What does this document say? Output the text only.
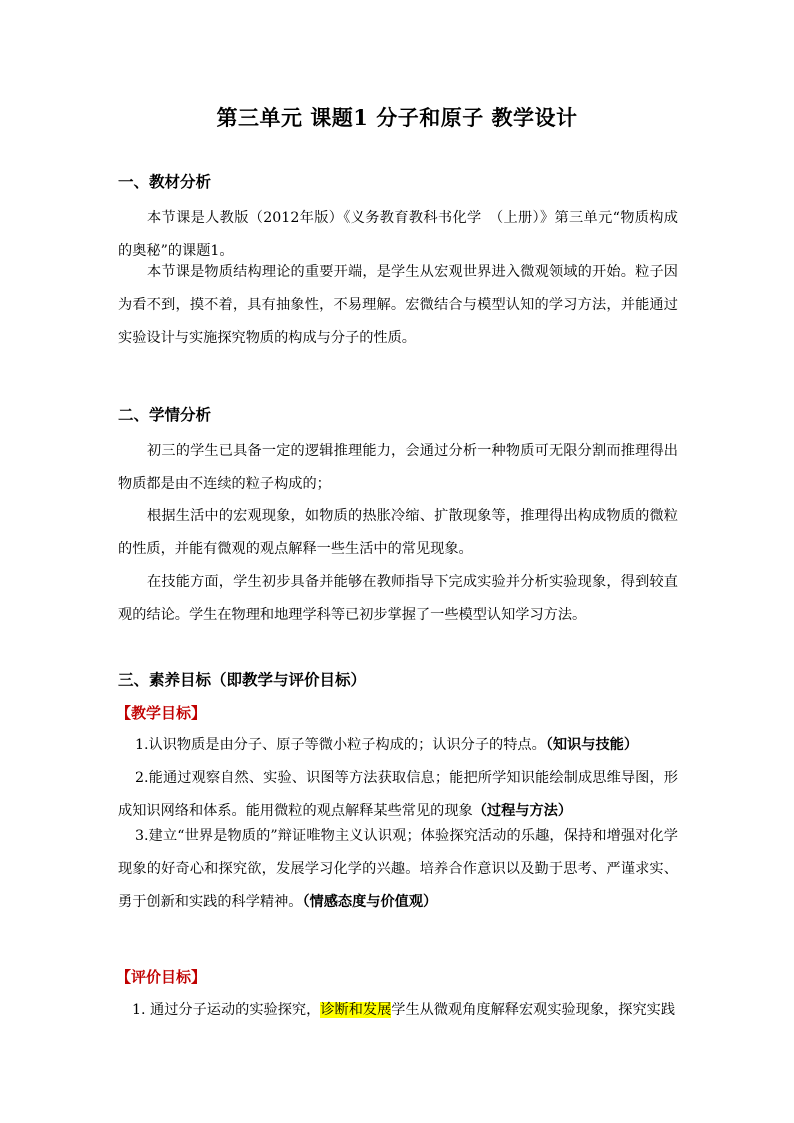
第三单元 课题1 分子和原子 教学设计
一、教材分析

本节课是人教版（2012年版）《义务教育教科书化学　（上册）》第三单元“物质构成的奥秘”的课题1。

本节课是物质结构理论的重要开端，是学生从宏观世界进入微观领域的开始。粒子因为看不到，摸不着，具有抽象性，不易理解。宏微结合与模型认知的学习方法，并能通过实验设计与实施探究物质的构成与分子的性质。

二、学情分析

初三的学生已具备一定的逻辑推理能力，会通过分析一种物质可无限分割而推理得出物质都是由不连续的粒子构成的；

根据生活中的宏观现象，如物质的热胀冷缩、扩散现象等，推理得出构成物质的微粒的性质，并能有微观的观点解释一些生活中的常见现象。

在技能方面，学生初步具备并能够在教师指导下完成实验并分析实验现象，得到较直观的结论。学生在物理和地理学科等已初步掌握了一些模型认知学习方法。

三、素养目标（即教学与评价目标）
【教学目标】

1.认识物质是由分子、原子等微小粒子构成的；认识分子的特点。（知识与技能）

2.能通过观察自然、实验、识图等方法获取信息；能把所学知识能绘制成思维导图，形成知识网络和体系。能用微粒的观点解释某些常见的现象（过程与方法）

3.建立“世界是物质的”辩证唯物主义认识观；体验探究活动的乐趣，保持和增强对化学现象的好奇心和探究欲，发展学习化学的兴趣。培养合作意识以及勤于思考、严谨求实、勇于创新和实践的科学精神。（情感态度与价值观）

【评价目标】

1. 通过分子运动的实验探究，诊断和发展学生从微观角度解释宏观实验现象，探究实践
